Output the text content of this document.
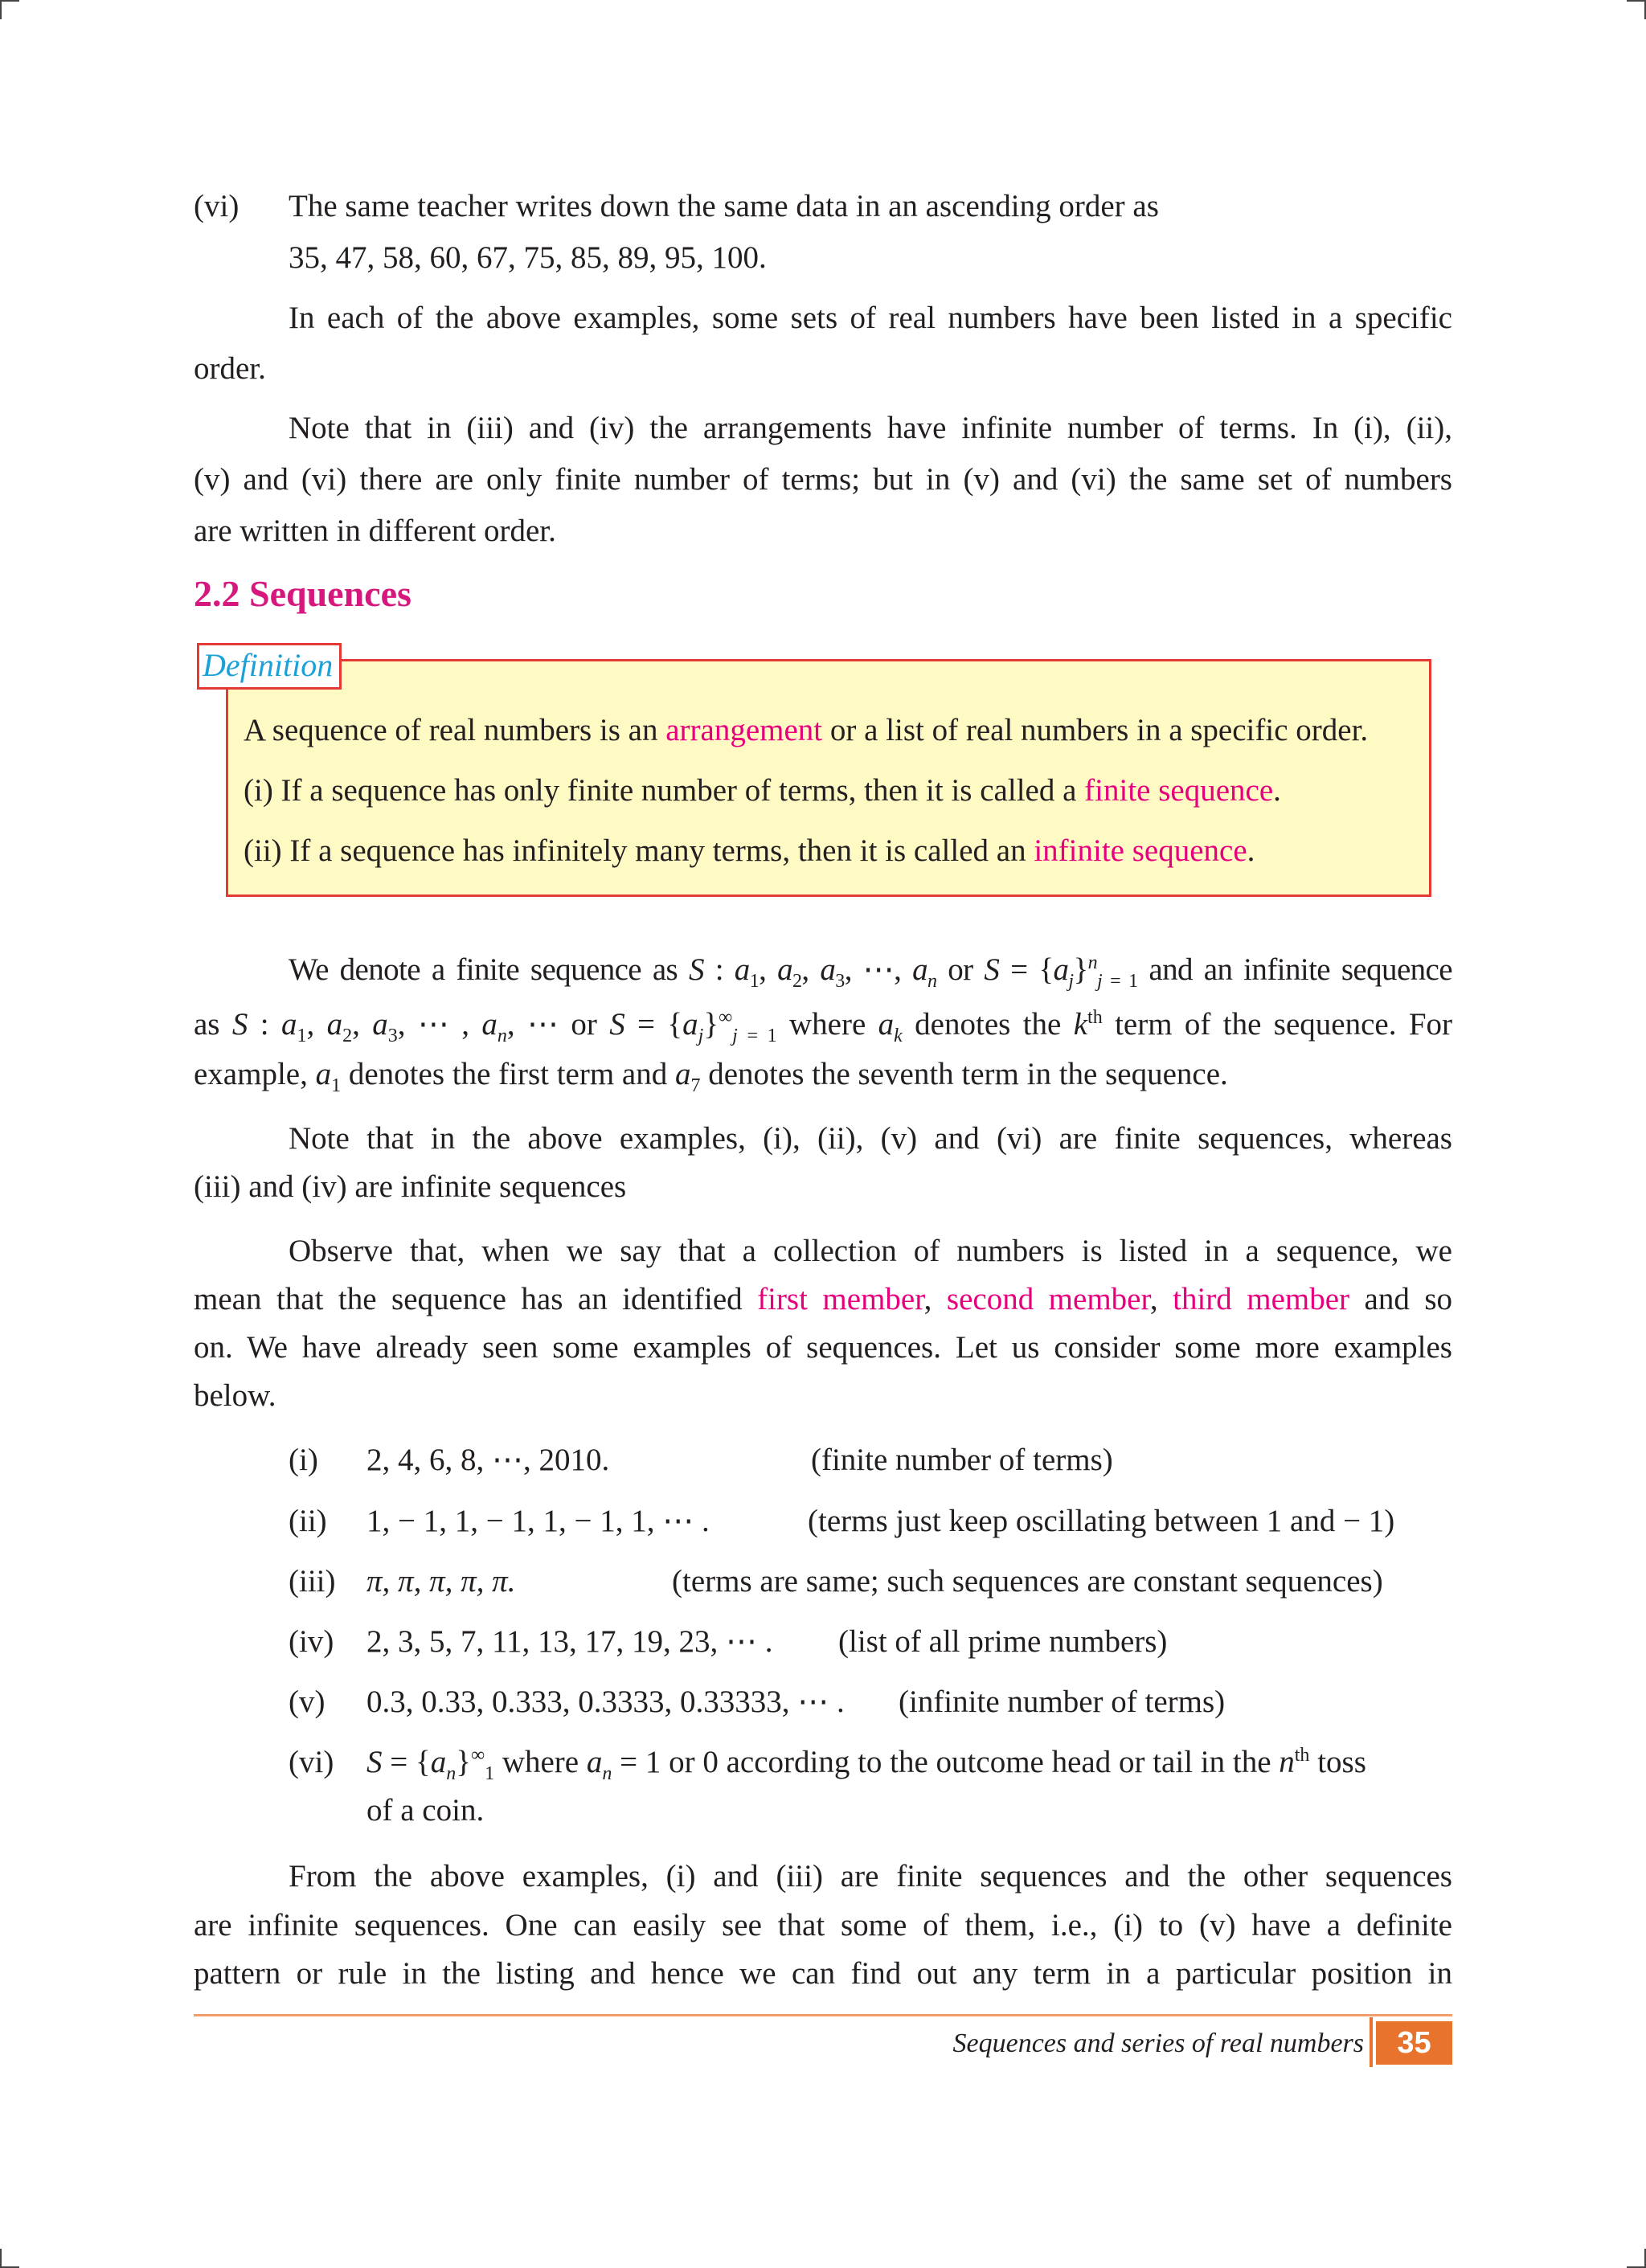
(vi) The same teacher writes down the same data in an ascending order as
35, 47, 58, 60, 67, 75, 85, 89, 95, 100.
In each of the above examples, some sets of real numbers have been listed in a specific
order.
Note that in (iii) and (iv) the arrangements have infinite number of terms. In (i), (ii),
(v) and (vi) there are only finite number of terms; but in (v) and (vi) the same set of numbers
are written in different order.
2.2 Sequences
Definition
A sequence of real numbers is an arrangement or a list of real numbers in a specific order.
(i) If a sequence has only finite number of terms, then it is called a finite sequence.
(ii) If a sequence has infinitely many terms, then it is called an infinite sequence.
We denote a finite sequence as S : $a_1$, $a_2$, $a_3$, ⋯, $a_n$ or $S = \{a_j\}^n_{j = 1}$ and an infinite sequence
as S : $a_1$, $a_2$, $a_3$, ⋯ , $a_n$, ⋯ or $S = \{a_j\}^\infty_{j = 1}$ where $a_k$ denotes the $k^{th}$ term of the sequence. For
example, $a_1$ denotes the first term and $a_7$ denotes the seventh term in the sequence.
Note that in the above examples, (i), (ii), (v) and (vi) are finite sequences, whereas
(iii) and (iv) are infinite sequences
Observe that, when we say that a collection of numbers is listed in a sequence, we
mean that the sequence has an identified first member, second member, third member and so
on. We have already seen some examples of sequences. Let us consider some more examples
below.
(i) 2, 4, 6, 8, ⋯, 2010.	(finite number of terms)
(ii) 1, − 1, 1, − 1, 1, − 1, 1, ⋯ .	(terms just keep oscillating between 1 and − 1)
(iii) π, π, π, π, π.	(terms are same; such sequences are constant sequences)
(iv) 2, 3, 5, 7, 11, 13, 17, 19, 23, ⋯ . (list of all prime numbers)
(v) 0.3, 0.33, 0.333, 0.3333, 0.33333, ⋯ . (infinite number of terms)
(vi) $S = \{a_n\}^\infty_1$ where $a_n = 1$ or 0 according to the outcome head or tail in the $n^{th}$ toss
of a coin.
From the above examples, (i) and (iii) are finite sequences and the other sequences
are infinite sequences. One can easily see that some of them, i.e., (i) to (v) have a definite
pattern or rule in the listing and hence we can find out any term in a particular position in
Sequences and series of real numbers	35
